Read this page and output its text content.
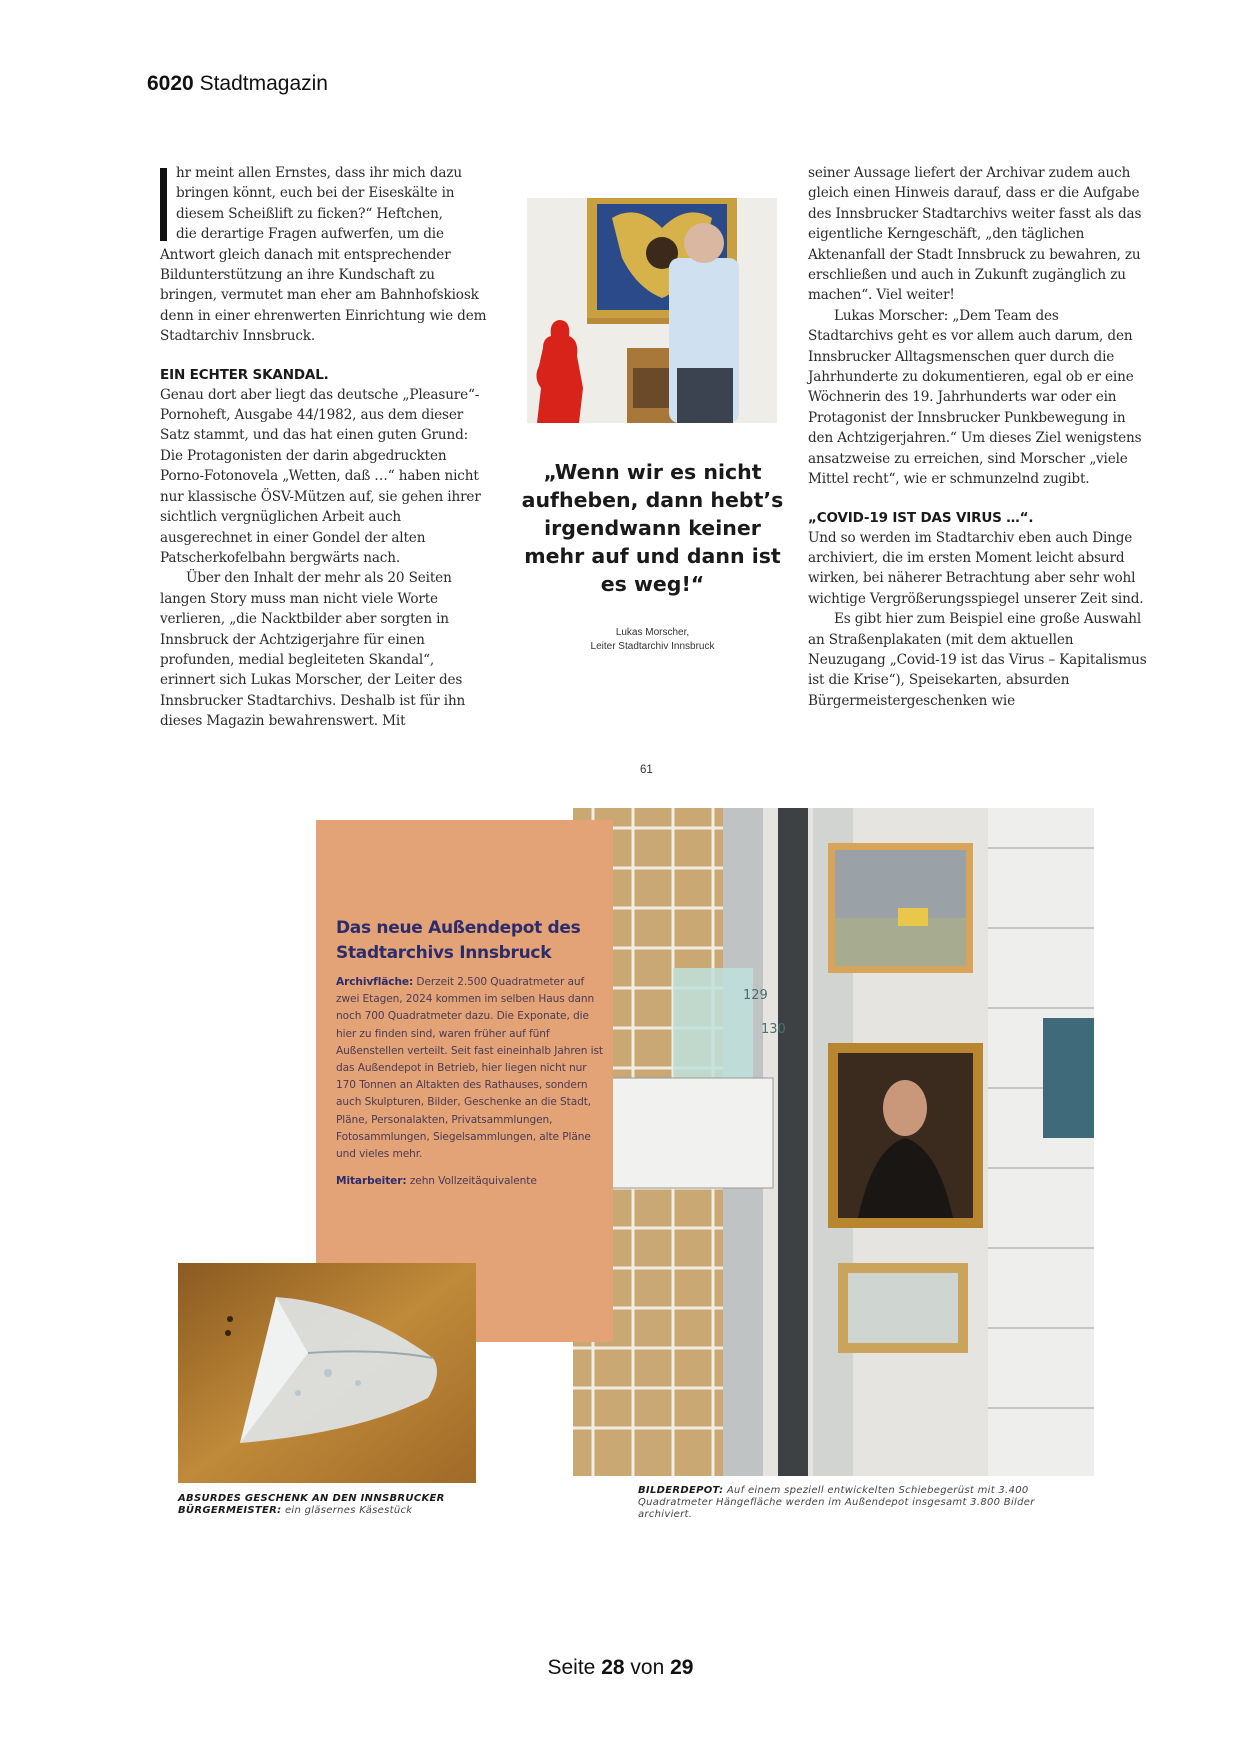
6020 Stadtmagazin
hr meint allen Ernstes, dass ihr mich dazu
bringen könnt, euch bei der Eiseskälte in
diesem Scheißlift zu ficken?“ Heftchen,
die derartige Fragen aufwerfen, um die

Antwort gleich danach mit entsprechender Bildunterstützung an ihre Kundschaft zu bringen, vermutet man eher am Bahnhofskiosk denn in einer ehrenwerten Einrichtung wie dem Stadtarchiv Innsbruck.

EIN ECHTER SKANDAL.

Genau dort aber liegt das deutsche „Pleasure“-Pornoheft, Ausgabe 44/1982, aus dem dieser Satz stammt, und das hat einen guten Grund: Die Protagonisten der darin abgedruckten Porno-Fotonovela „Wetten, daß …“ haben nicht nur klassische ÖSV-Mützen auf, sie gehen ihrer sichtlich vergnüglichen Arbeit auch ausgerechnet in einer Gondel der alten Patscherkofelbahn bergwärts nach.

Über den Inhalt der mehr als 20 Seiten langen Story muss man nicht viele Worte verlieren, „die Nacktbilder aber sorgten in Innsbruck der Achtzigerjahre für einen profunden, medial begleiteten Skandal“, erinnert sich Lukas Morscher, der Leiter des Innsbrucker Stadtarchivs. Deshalb ist für ihn dieses Magazin bewahrenswert. Mit

„Wenn wir es nicht aufheben, dann hebt’s irgendwann keiner mehr auf und dann ist es weg!“
Lukas Morscher,
Leiter Stadtarchiv Innsbruck

seiner Aussage liefert der Archivar zudem auch gleich einen Hinweis darauf, dass er die Aufgabe des Innsbrucker Stadtarchivs weiter fasst als das eigentliche Kerngeschäft, „den täglichen Aktenanfall der Stadt Innsbruck zu bewahren, zu erschließen und auch in Zukunft zugänglich zu machen“. Viel weiter!

Lukas Morscher: „Dem Team des Stadtarchivs geht es vor allem auch darum, den Innsbrucker Alltagsmenschen quer durch die Jahrhunderte zu dokumentieren, egal ob er eine Wöchnerin des 19. Jahrhunderts war oder ein Protagonist der Innsbrucker Punkbewegung in den Achtzigerjahren.“ Um dieses Ziel wenigstens ansatzweise zu erreichen, sind Morscher „viele Mittel recht“, wie er schmunzelnd zugibt.

„COVID-19 IST DAS VIRUS …“.

Und so werden im Stadtarchiv eben auch Dinge archiviert, die im ersten Moment leicht absurd wirken, bei näherer Betrachtung aber sehr wohl wichtige Vergrößerungsspiegel unserer Zeit sind.

Es gibt hier zum Beispiel eine große Auswahl an Straßenplakaten (mit dem aktuellen Neuzugang „Covid-19 ist das Virus – Kapitalismus ist die Krise“), Speisekarten, absurden Bürgermeistergeschenken wie

61
129
130
Das neue Außendepot des Stadtarchivs Innsbruck

Archivfläche: Derzeit 2.500 Quadratmeter auf zwei Etagen, 2024 kommen im selben Haus dann noch 700 Quadratmeter dazu. Die Exponate, die hier zu finden sind, waren früher auf fünf Außenstellen verteilt. Seit fast eineinhalb Jahren ist das Außendepot in Betrieb, hier liegen nicht nur 170 Tonnen an Altakten des Rathauses, sondern auch Skulpturen, Bilder, Geschenke an die Stadt, Pläne, Personalakten, Privatsammlungen, Fotosammlungen, Siegelsammlungen, alte Pläne und vieles mehr.

Mitarbeiter: zehn Vollzeitäquivalente

ABSURDES GESCHENK AN DEN INNSBRUCKER BÜRGERMEISTER: ein gläsernes Käsestück
BILDERDEPOT: Auf einem speziell entwickelten Schiebegerüst mit 3.400 Quadratmeter Hängefläche werden im Außendepot insgesamt 3.800 Bilder archiviert.
Seite 28 von 29
